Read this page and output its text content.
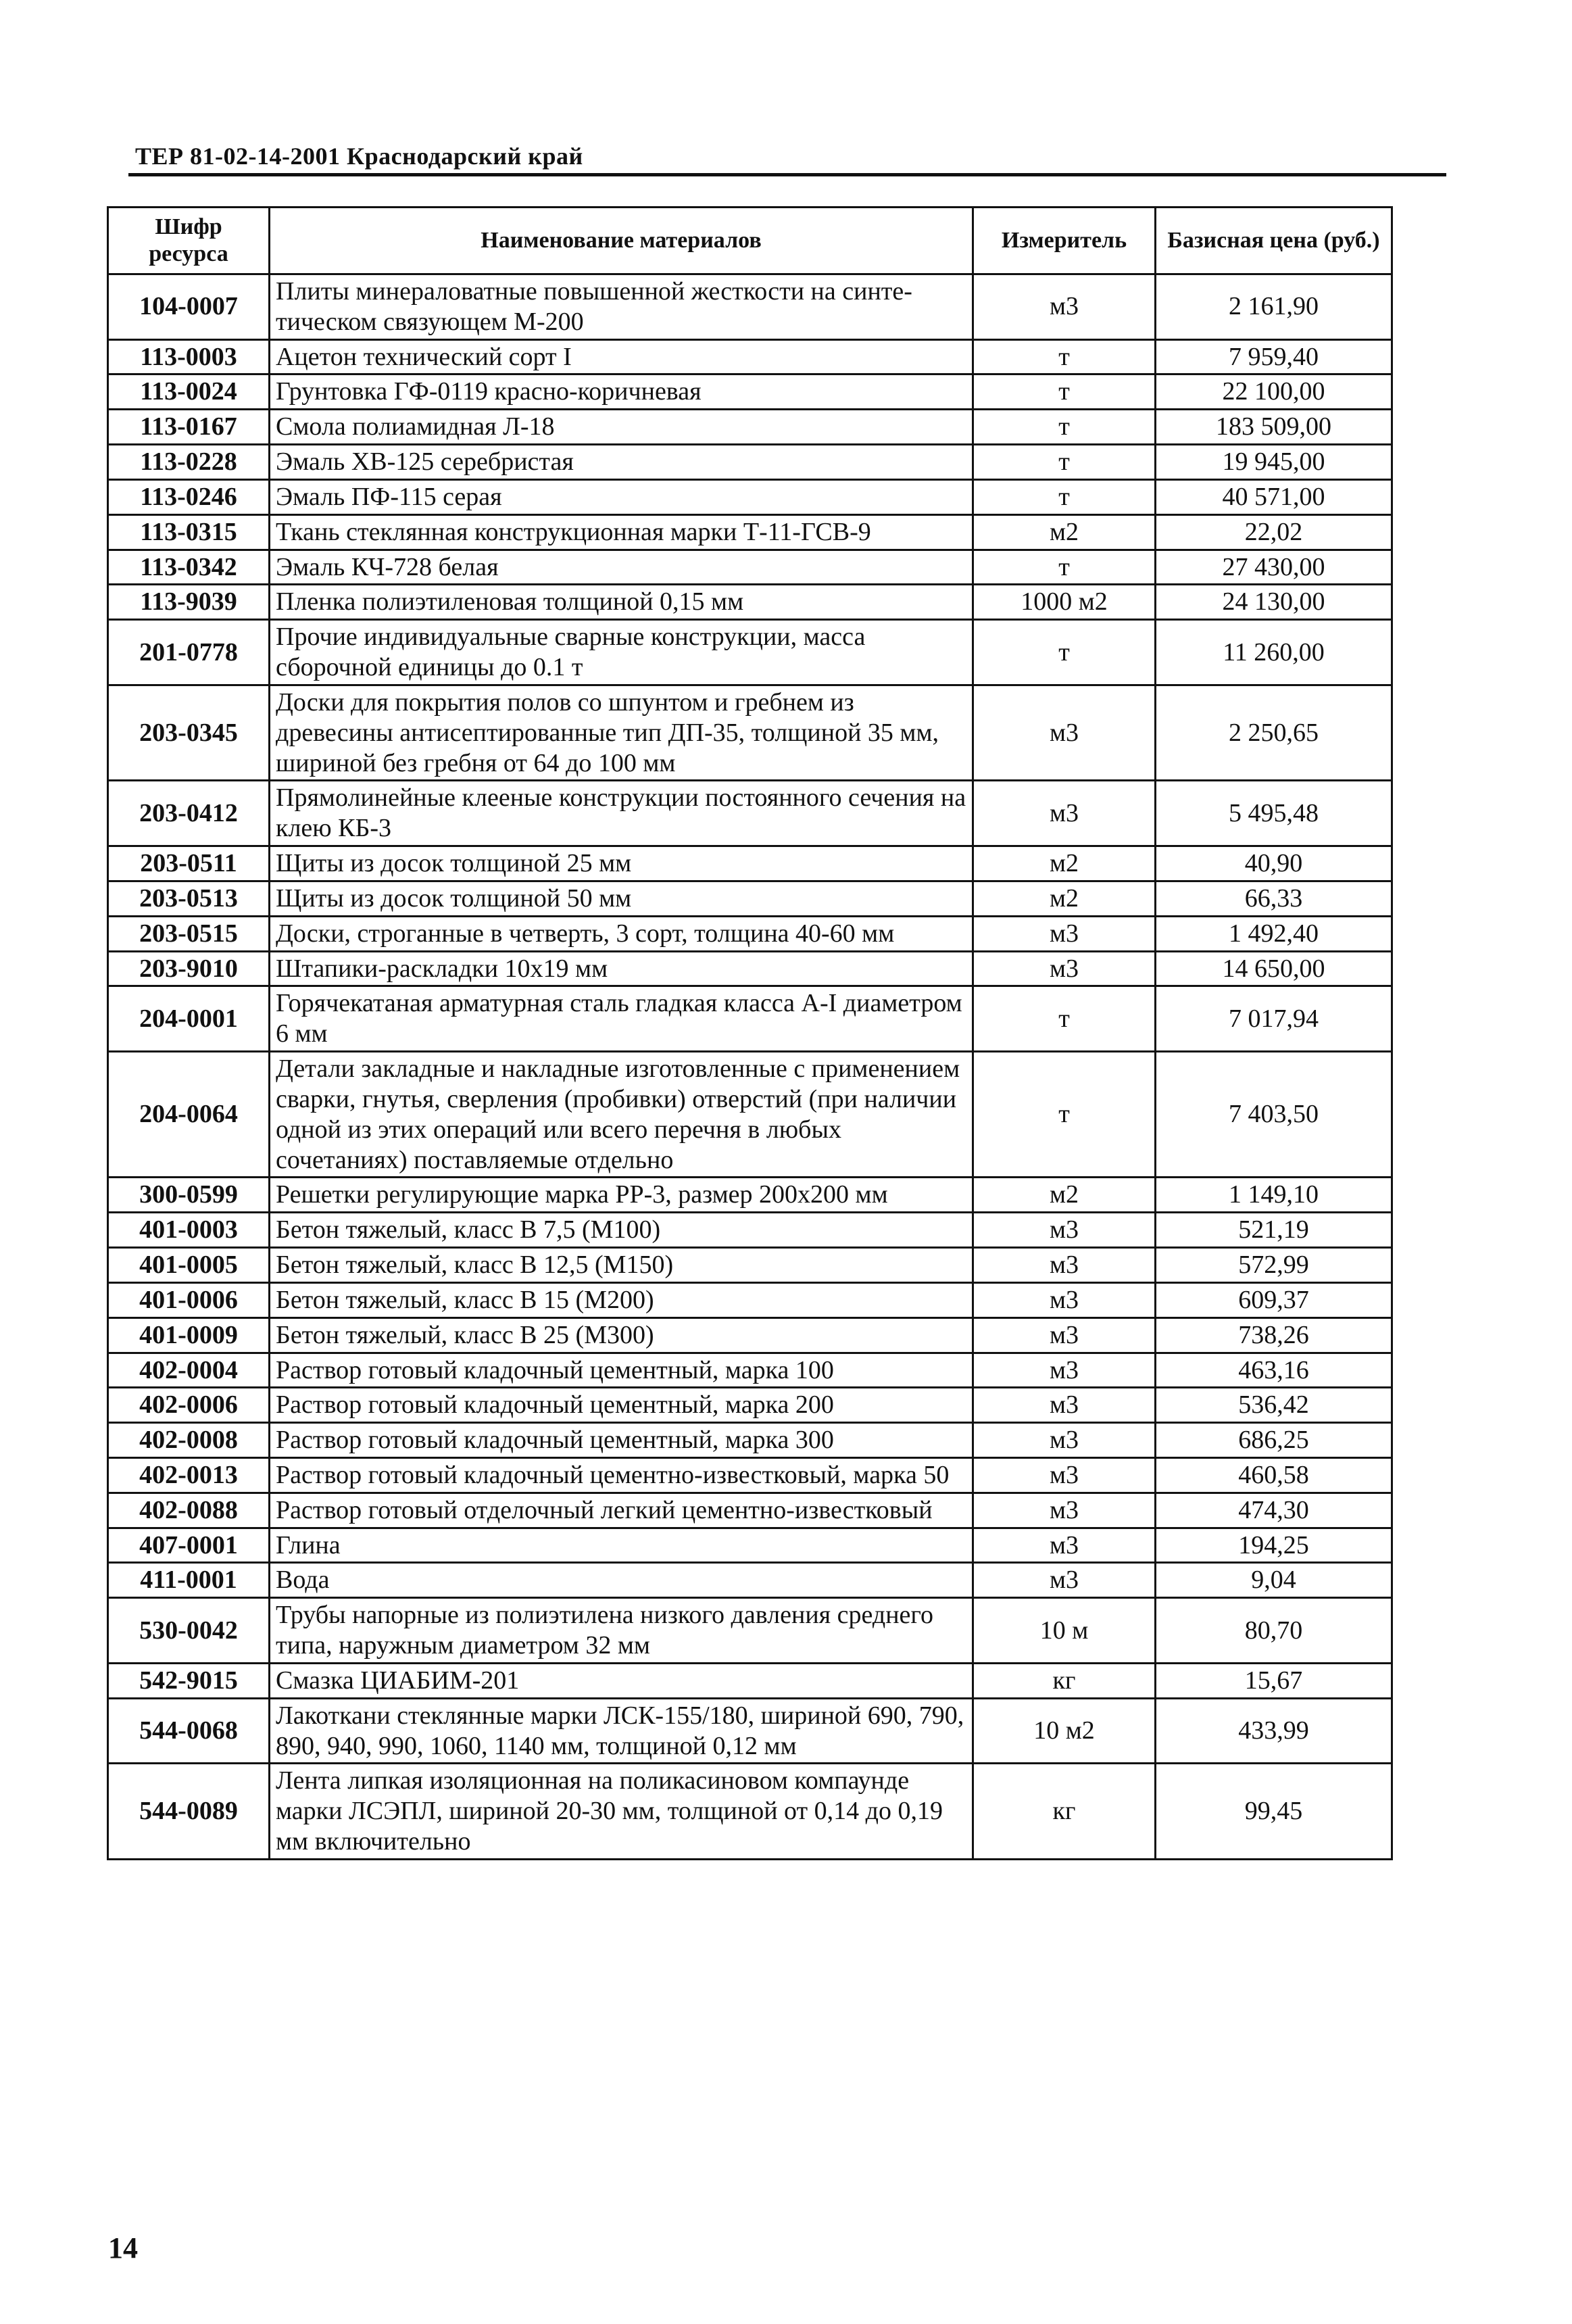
ТЕР 81-02-14-2001 Краснодарский край
Шифр ресурса	Наименование материалов	Измеритель	Базисная цена (руб.)
104-0007	Плиты минераловатные повышенной жесткости на синте-тическом связующем М-200	м3	2 161,90
113-0003	Ацетон технический сорт I	т	7 959,40
113-0024	Грунтовка ГФ-0119 красно-коричневая	т	22 100,00
113-0167	Смола полиамидная Л-18	т	183 509,00
113-0228	Эмаль ХВ-125 серебристая	т	19 945,00
113-0246	Эмаль ПФ-115 серая	т	40 571,00
113-0315	Ткань стеклянная конструкционная марки Т-11-ГСВ-9	м2	22,02
113-0342	Эмаль КЧ-728 белая	т	27 430,00
113-9039	Пленка полиэтиленовая толщиной 0,15 мм	1000 м2	24 130,00
201-0778	Прочие индивидуальные сварные конструкции, масса сборочной единицы до 0.1 т	т	11 260,00
203-0345	Доски для покрытия полов со шпунтом и гребнем из древесины антисептированные тип ДП-35, толщиной 35 мм, шириной без гребня от 64 до 100 мм	м3	2 250,65
203-0412	Прямолинейные клееные конструкции постоянного сечения на клею КБ-3	м3	5 495,48
203-0511	Щиты из досок толщиной 25 мм	м2	40,90
203-0513	Щиты из досок толщиной 50 мм	м2	66,33
203-0515	Доски, строганные в четверть, 3 сорт, толщина 40-60 мм	м3	1 492,40
203-9010	Штапики-раскладки 10х19 мм	м3	14 650,00
204-0001	Горячекатаная арматурная сталь гладкая класса А-I диаметром 6 мм	т	7 017,94
204-0064	Детали закладные и накладные изготовленные с применением сварки, гнутья, сверления (пробивки) отверстий (при наличии одной из этих операций или всего перечня в любых сочетаниях) поставляемые отдельно	т	7 403,50
300-0599	Решетки регулирующие марка РР-3, размер 200х200 мм	м2	1 149,10
401-0003	Бетон тяжелый, класс В 7,5 (М100)	м3	521,19
401-0005	Бетон тяжелый, класс В 12,5 (М150)	м3	572,99
401-0006	Бетон тяжелый, класс В 15 (М200)	м3	609,37
401-0009	Бетон тяжелый, класс В 25 (М300)	м3	738,26
402-0004	Раствор готовый кладочный цементный, марка 100	м3	463,16
402-0006	Раствор готовый кладочный цементный, марка 200	м3	536,42
402-0008	Раствор готовый кладочный цементный, марка 300	м3	686,25
402-0013	Раствор готовый кладочный цементно-известковый, марка 50	м3	460,58
402-0088	Раствор готовый отделочный легкий цементно-известковый	м3	474,30
407-0001	Глина	м3	194,25
411-0001	Вода	м3	9,04
530-0042	Трубы напорные из полиэтилена низкого давления среднего типа, наружным диаметром 32 мм	10 м	80,70
542-9015	Смазка ЦИАБИМ-201	кг	15,67
544-0068	Лакоткани стеклянные марки ЛСК-155/180, шириной 690, 790, 890, 940, 990, 1060, 1140 мм, толщиной 0,12 мм	10 м2	433,99
544-0089	Лента липкая изоляционная на поликасиновом компаунде марки ЛСЭПЛ, шириной 20-30 мм, толщиной от 0,14 до 0,19 мм включительно	кг	99,45
14
